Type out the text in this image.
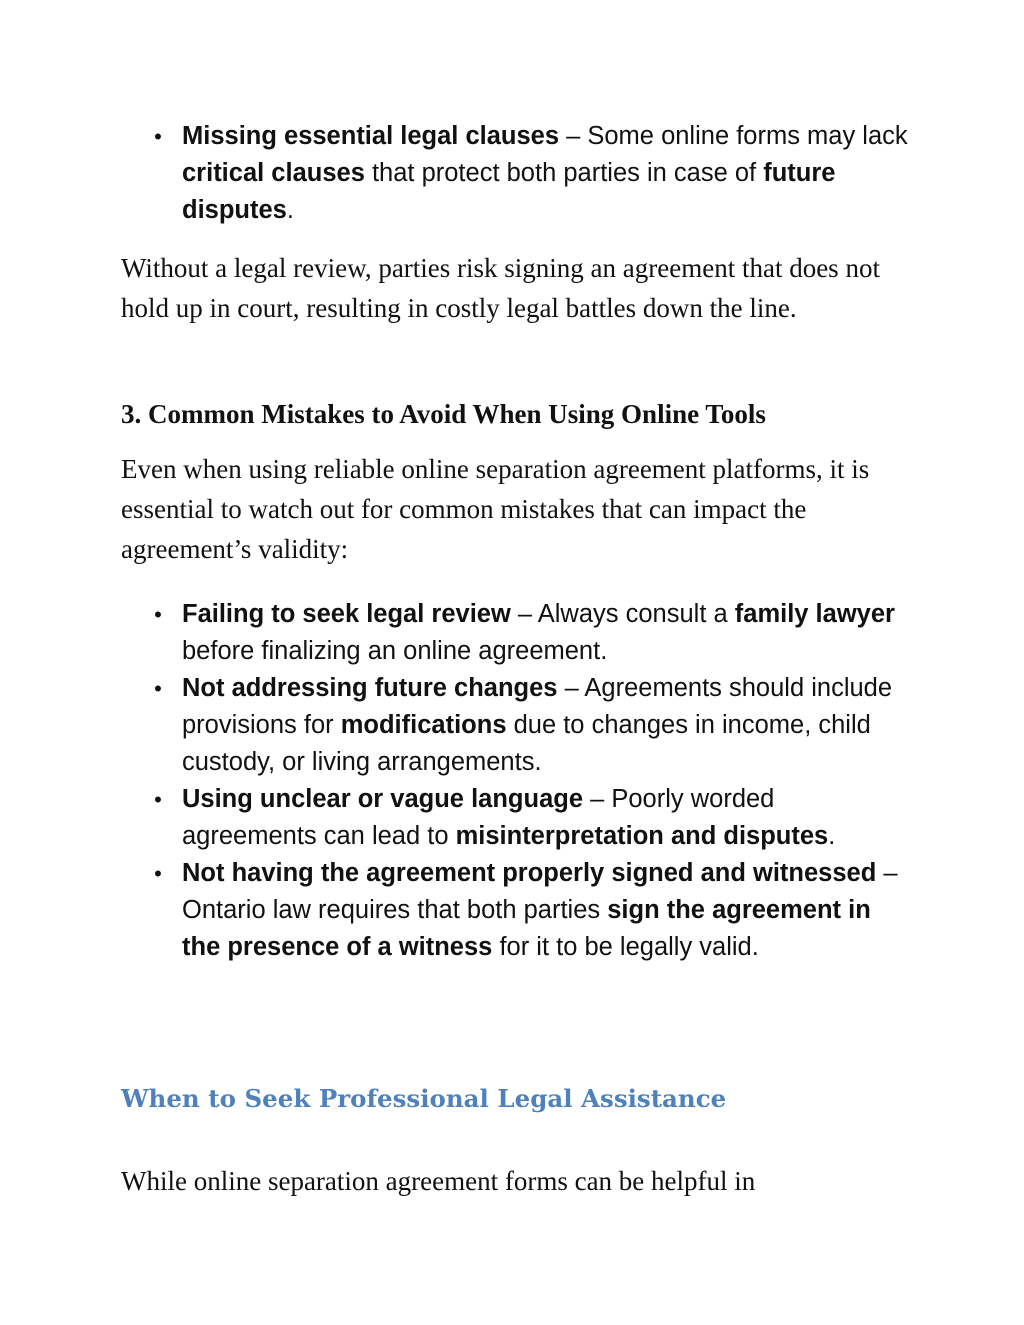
• Missing essential legal clauses – Some online forms may lack critical clauses that protect both parties in case of future disputes.

Without a legal review, parties risk signing an agreement that does not hold up in court, resulting in costly legal battles down the line.

3. Common Mistakes to Avoid When Using Online Tools

Even when using reliable online separation agreement platforms, it is essential to watch out for common mistakes that can impact the agreement’s validity:

• Failing to seek legal review – Always consult a family lawyer before finalizing an online agreement.
• Not addressing future changes – Agreements should include provisions for modifications due to changes in income, child custody, or living arrangements.
• Using unclear or vague language – Poorly worded agreements can lead to misinterpretation and disputes.
• Not having the agreement properly signed and witnessed – Ontario law requires that both parties sign the agreement in the presence of a witness for it to be legally valid.
When to Seek Professional Legal Assistance

While online separation agreement forms can be helpful in
